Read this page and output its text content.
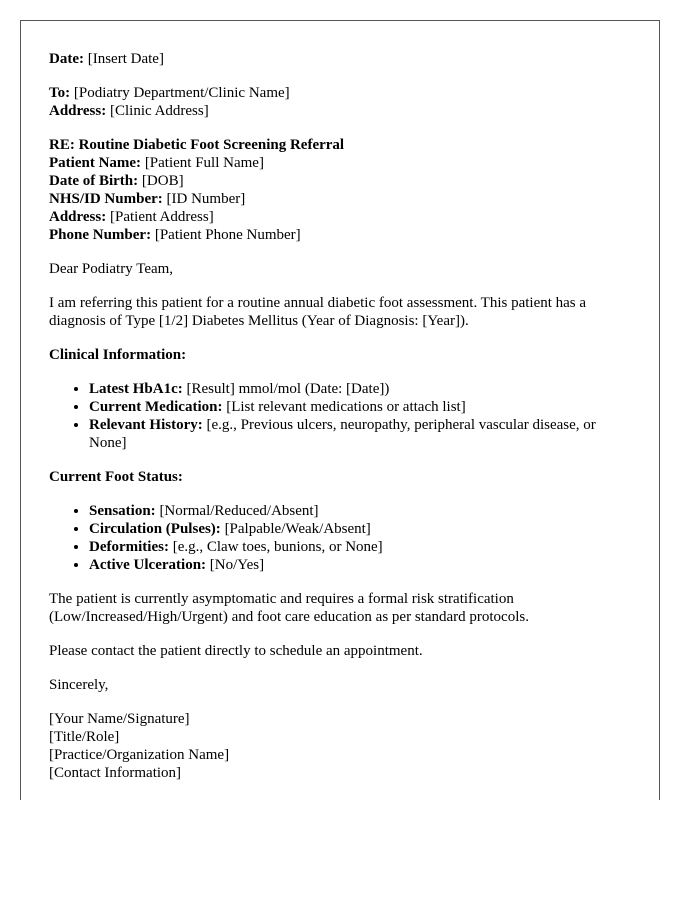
Date: [Insert Date]
To: [Podiatry Department/Clinic Name]
Address: [Clinic Address]
RE: Routine Diabetic Foot Screening Referral
Patient Name: [Patient Full Name]
Date of Birth: [DOB]
NHS/ID Number: [ID Number]
Address: [Patient Address]
Phone Number: [Patient Phone Number]
Dear Podiatry Team,
I am referring this patient for a routine annual diabetic foot assessment. This patient has a diagnosis of Type [1/2] Diabetes Mellitus (Year of Diagnosis: [Year]).
Clinical Information:
• Latest HbA1c: [Result] mmol/mol (Date: [Date])
• Current Medication: [List relevant medications or attach list]
• Relevant History: [e.g., Previous ulcers, neuropathy, peripheral vascular disease, or None]
Current Foot Status:
• Sensation: [Normal/Reduced/Absent]
• Circulation (Pulses): [Palpable/Weak/Absent]
• Deformities: [e.g., Claw toes, bunions, or None]
• Active Ulceration: [No/Yes]
The patient is currently asymptomatic and requires a formal risk stratification (Low/Increased/High/Urgent) and foot care education as per standard protocols.
Please contact the patient directly to schedule an appointment.
Sincerely,
[Your Name/Signature]
[Title/Role]
[Practice/Organization Name]
[Contact Information]
